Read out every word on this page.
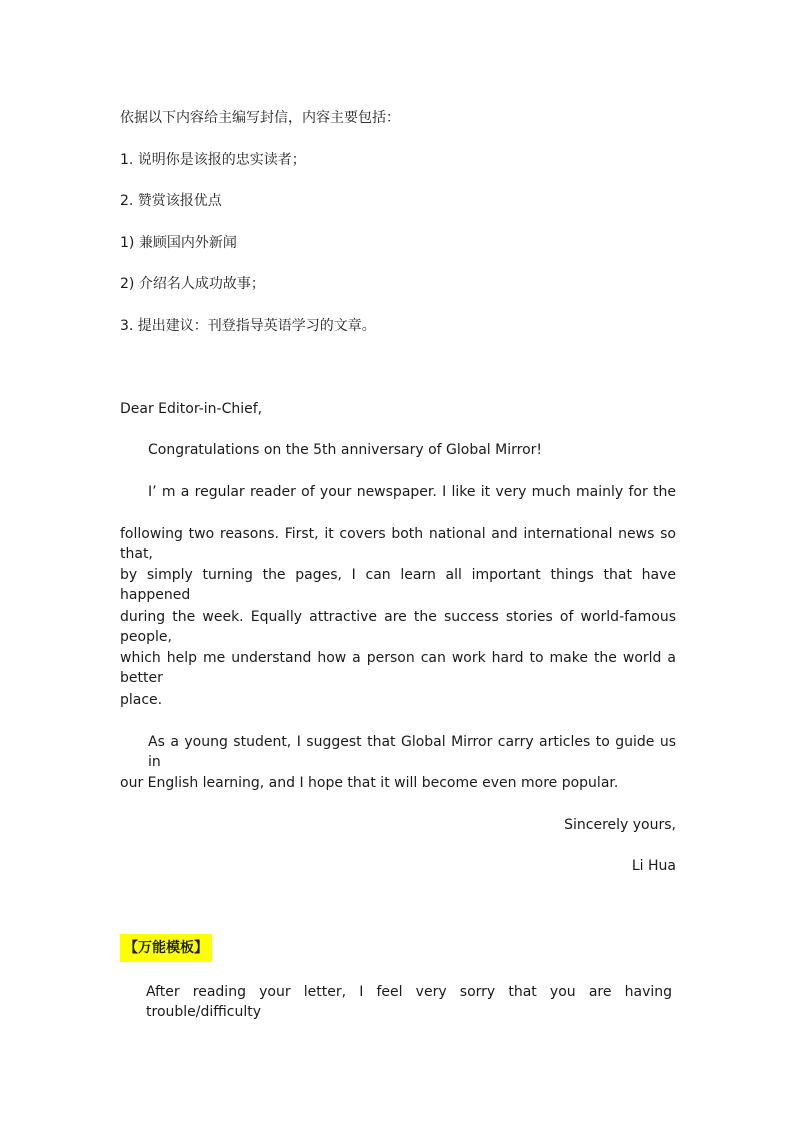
依据以下内容给主编写封信，内容主要包括：
1. 说明你是该报的忠实读者；
2. 赞赏该报优点
1) 兼顾国内外新闻
2) 介绍名人成功故事；
3. 提出建议：刊登指导英语学习的文章。
Dear Editor-in-Chief,
Congratulations on the 5th anniversary of Global Mirror!
I’ m a regular reader of your newspaper. I like it very much mainly for the
following two reasons. First, it covers both national and international news so that,
by simply turning the pages, I can learn all important things that have happened
during the week. Equally attractive are the success stories of world-famous people,
which help me understand how a person can work hard to make the world a better
place.
As a young student, I suggest that Global Mirror carry articles to guide us in
our English learning, and I hope that it will become even more popular.
Sincerely yours,
Li Hua
【万能模板】
After reading your letter, I feel very sorry that you are having trouble/difficulty
